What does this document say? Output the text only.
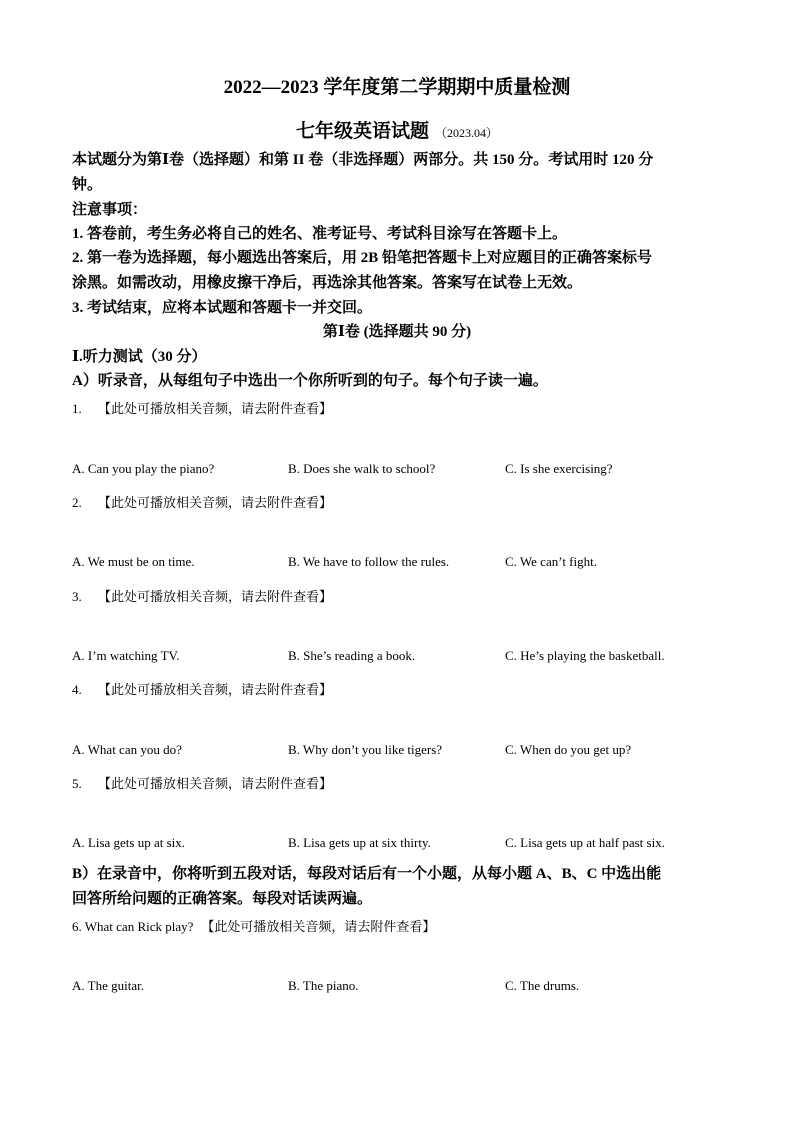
2022—2023 学年度第二学期期中质量检测
七年级英语试题 （2023.04）
本试题分为第Ⅰ卷（选择题）和第 II 卷（非选择题）两部分。共 150 分。考试用时 120 分
钟。
注意事项：
1. 答卷前，考生务必将自己的姓名、准考证号、考试科目涂写在答题卡上。
2. 第一卷为选择题，每小题选出答案后，用 2B 铅笔把答题卡上对应题目的正确答案标号
涂黑。如需改动，用橡皮擦干净后，再选涂其他答案。答案写在试卷上无效。
3. 考试结束，应将本试题和答题卡一并交回。
第Ⅰ卷 (选择题共 90 分)
Ⅰ.听力测试（30 分）
A）听录音，从每组句子中选出一个你所听到的句子。每个句子读一遍。
1. 【此处可播放相关音频，请去附件查看】
A. Can you play the piano?	B. Does she walk to school?	C. Is she exercising?
2. 【此处可播放相关音频，请去附件查看】
A. We must be on time.	B. We have to follow the rules.	C. We can’t fight.
3. 【此处可播放相关音频，请去附件查看】
A. I’m watching TV.	B. She’s reading a book.	C. He’s playing the basketball.
4. 【此处可播放相关音频，请去附件查看】
A. What can you do?	B. Why don’t you like tigers?	C. When do you get up?
5. 【此处可播放相关音频，请去附件查看】
A. Lisa gets up at six.	B. Lisa gets up at six thirty.	C. Lisa gets up at half past six.
B）在录音中，你将听到五段对话，每段对话后有一个小题，从每小题 A、B、C 中选出能
回答所给问题的正确答案。每段对话读两遍。
6. What can Rick play? 【此处可播放相关音频，请去附件查看】
A. The guitar.	B. The piano.	C. The drums.
